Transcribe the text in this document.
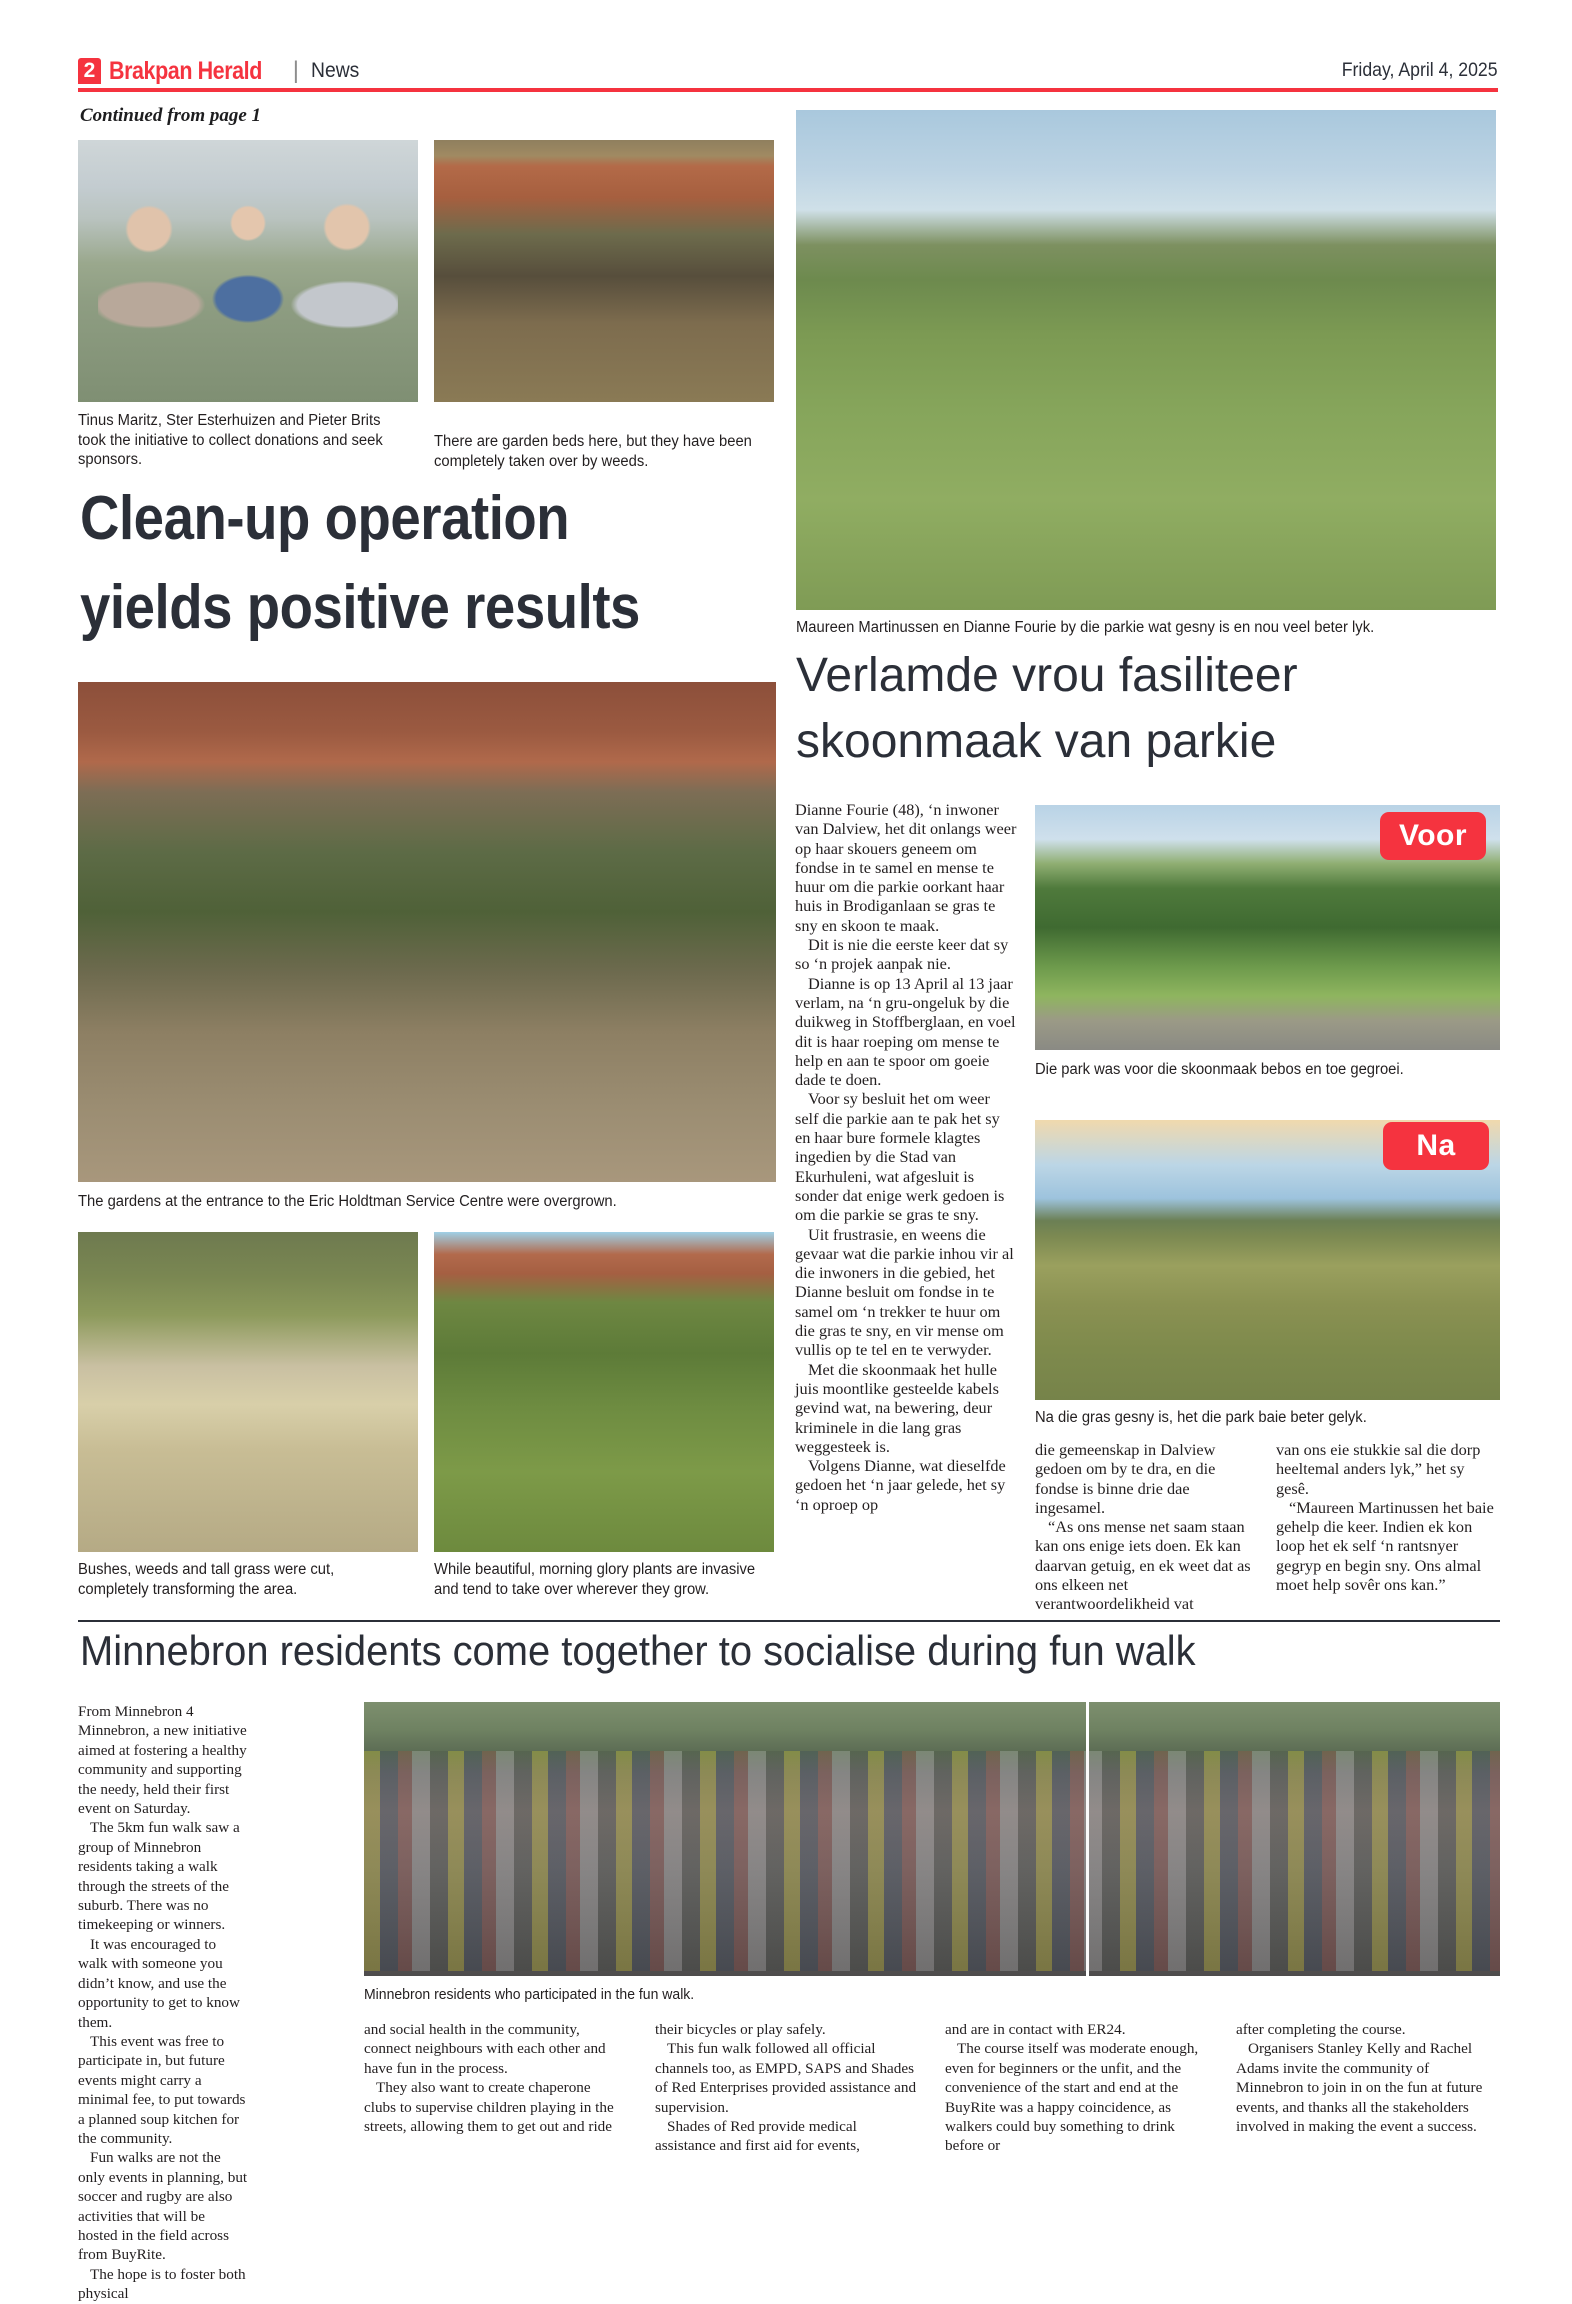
2 Brakpan Herald | News	Friday, April 4, 2025
Continued from page 1
Tinus Maritz, Ster Esterhuizen and Pieter Brits took the initiative to collect donations and seek sponsors.
There are garden beds here, but they have been completely taken over by weeds.
Clean-up operation
yields positive results
The gardens at the entrance to the Eric Holdtman Service Centre were overgrown.
Bushes, weeds and tall grass were cut, completely transforming the area.
While beautiful, morning glory plants are invasive and tend to take over wherever they grow.
Maureen Martinussen en Dianne Fourie by die parkie wat gesny is en nou veel beter lyk.
Verlamde vrou fasiliteer
skoonmaak van parkie

Dianne Fourie (48), ‘n inwoner van Dalview, het dit onlangs weer op haar skouers geneem om fondse in te samel en mense te huur om die parkie oorkant haar huis in Brodiganlaan se gras te sny en skoon te maak.

Dit is nie die eerste keer dat sy so ‘n projek aanpak nie.

Dianne is op 13 April al 13 jaar verlam, na ‘n gru-ongeluk by die duikweg in Stoffberglaan, en voel dit is haar roeping om mense te help en aan te spoor om goeie dade te doen.

Voor sy besluit het om weer self die parkie aan te pak het sy en haar bure formele klagtes ingedien by die Stad van Ekurhuleni, wat afgesluit is sonder dat enige werk gedoen is om die parkie se gras te sny.

Uit frustrasie, en weens die gevaar wat die parkie inhou vir al die inwoners in die gebied, het Dianne besluit om fondse in te samel om ‘n trekker te huur om die gras te sny, en vir mense om vullis op te tel en te verwyder.

Met die skoonmaak het hulle juis moontlike gesteelde kabels gevind wat, na bewering, deur kriminele in die lang gras weggesteek is.

Volgens Dianne, wat dieselfde gedoen het ‘n jaar gelede, het sy ‘n oproep op

Voor
Die park was voor die skoonmaak bebos en toe gegroei.
Na
Na die gras gesny is, het die park baie beter gelyk.

die gemeenskap in Dalview gedoen om by te dra, en die fondse is binne drie dae ingesamel.

“As ons mense net saam staan kan ons enige iets doen. Ek kan daarvan getuig, en ek weet dat as ons elkeen net verantwoordelikheid vat

van ons eie stukkie sal die dorp heeltemal anders lyk,” het sy gesê.

“Maureen Martinussen het baie gehelp die keer. Indien ek kon loop het ek self ‘n rantsnyer gegryp en begin sny. Ons almal moet help sovêr ons kan.”

Minnebron residents come together to socialise during fun walk
Minnebron residents who participated in the fun walk.

From Minnebron 4 Minnebron, a new initiative aimed at fostering a healthy community and supporting the needy, held their first event on Saturday.

The 5km fun walk saw a group of Minnebron residents taking a walk through the streets of the suburb. There was no timekeeping or winners.

It was encouraged to walk with someone you didn’t know, and use the opportunity to get to know them.

This event was free to participate in, but future events might carry a minimal fee, to put towards a planned soup kitchen for the community.

Fun walks are not the only events in planning, but soccer and rugby are also activities that will be hosted in the field across from BuyRite.

The hope is to foster both physical

and social health in the community, connect neighbours with each other and have fun in the process.

They also want to create chaperone clubs to supervise children playing in the streets, allowing them to get out and ride

their bicycles or play safely.

This fun walk followed all official channels too, as EMPD, SAPS and Shades of Red Enterprises provided assistance and supervision.

Shades of Red provide medical assistance and first aid for events,

and are in contact with ER24.

The course itself was moderate enough, even for beginners or the unfit, and the convenience of the start and end at the BuyRite was a happy coincidence, as walkers could buy something to drink before or

after completing the course.

Organisers Stanley Kelly and Rachel Adams invite the community of Minnebron to join in on the fun at future events, and thanks all the stakeholders involved in making the event a success.
